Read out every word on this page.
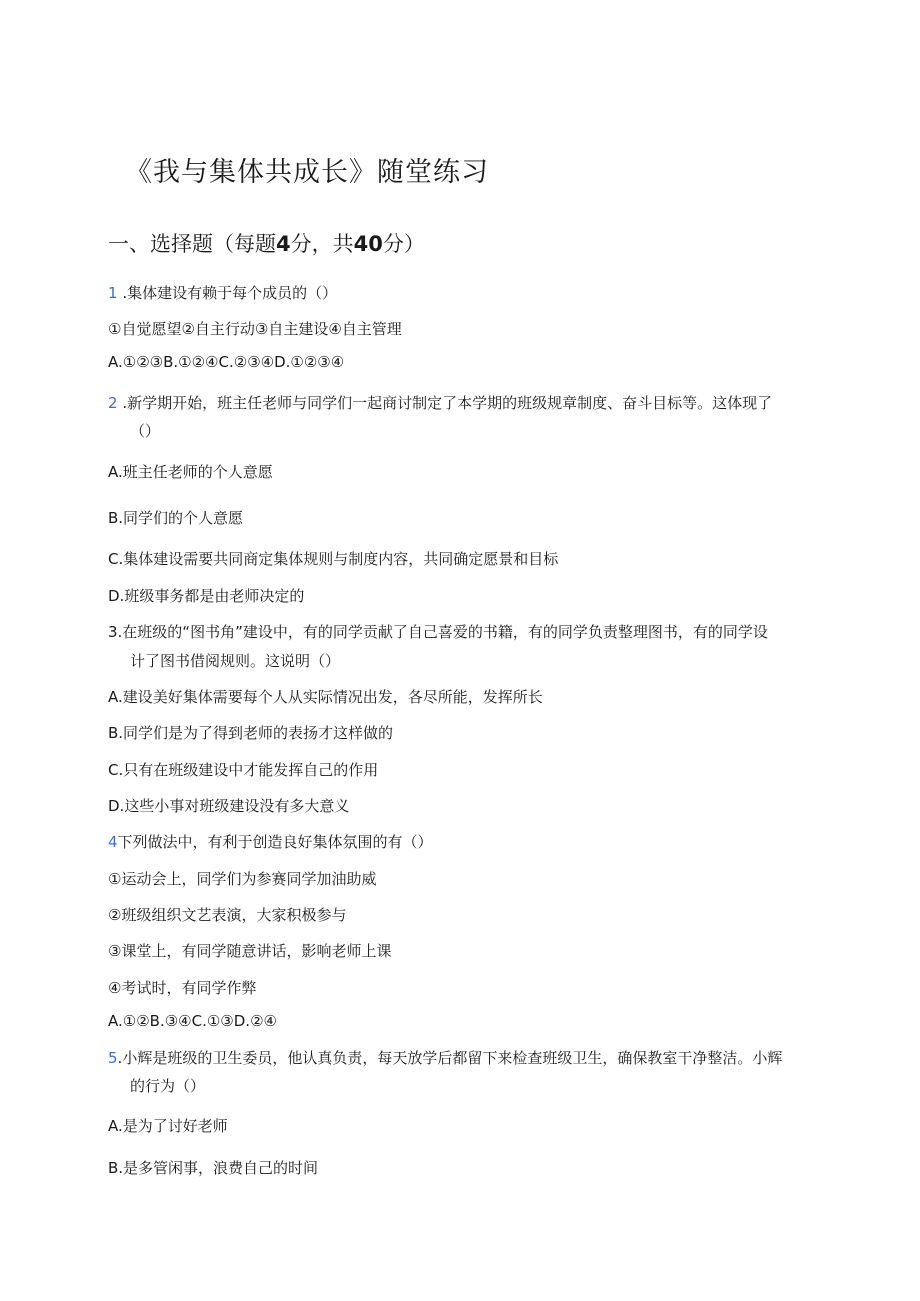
《我与集体共成长》随堂练习
一、选择题（每题4分，共40分）
1 .集体建设有赖于每个成员的（）
①自觉愿望②自主行动③自主建设④自主管理
A.①②③B.①②④C.②③④D.①②③④
2 .新学期开始，班主任老师与同学们一起商讨制定了本学期的班级规章制度、奋斗目标等。这体现了
（）
A.班主任老师的个人意愿
B.同学们的个人意愿
C.集体建设需要共同商定集体规则与制度内容，共同确定愿景和目标
D.班级事务都是由老师决定的
3.在班级的“图书角”建设中，有的同学贡献了自己喜爱的书籍，有的同学负责整理图书，有的同学设
计了图书借阅规则。这说明（）
A.建设美好集体需要每个人从实际情况出发，各尽所能，发挥所长
B.同学们是为了得到老师的表扬才这样做的
C.只有在班级建设中才能发挥自己的作用
D.这些小事对班级建设没有多大意义
4下列做法中，有利于创造良好集体氛围的有（）
①运动会上，同学们为参赛同学加油助威
②班级组织文艺表演，大家积极参与
③课堂上，有同学随意讲话，影响老师上课
④考试时，有同学作弊
A.①②B.③④C.①③D.②④
5.小辉是班级的卫生委员，他认真负责，每天放学后都留下来检查班级卫生，确保教室干净整洁。小辉
的行为（）
A.是为了讨好老师
B.是多管闲事，浪费自己的时间
